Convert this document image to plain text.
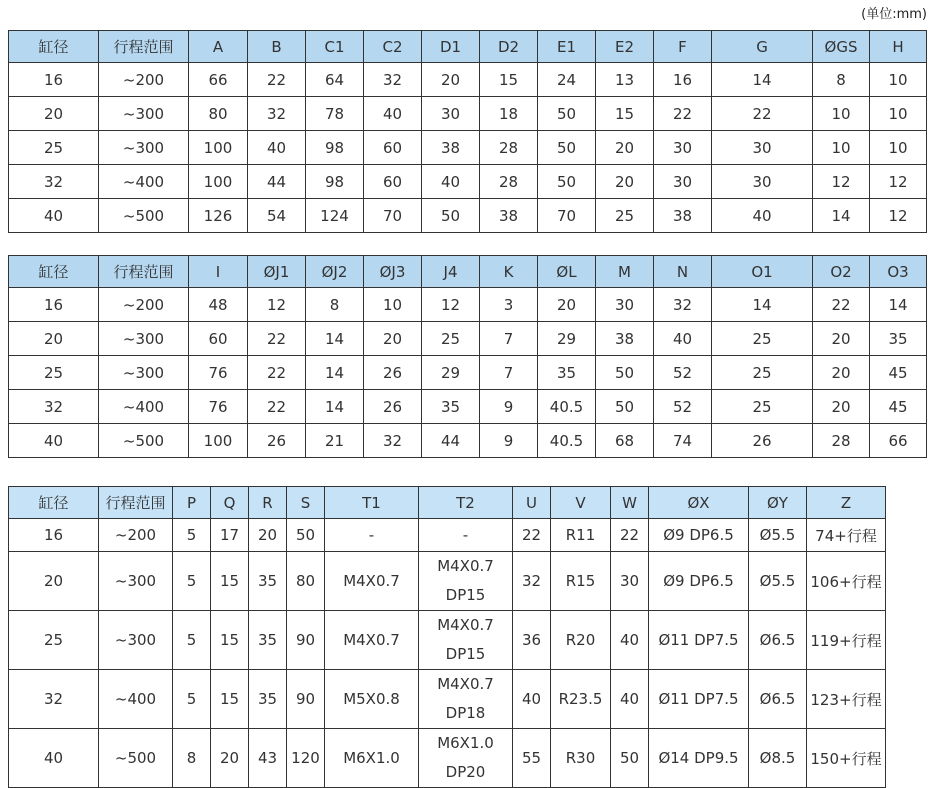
(单位:mm)
缸径	行程范围	A	B	C1	C2	D1	D2	E1	E2	F	G	ØGS	H
16	~200	66	22	64	32	20	15	24	13	16	14	8	10
20	~300	80	32	78	40	30	18	50	15	22	22	10	10
25	~300	100	40	98	60	38	28	50	20	30	30	10	10
32	~400	100	44	98	60	40	28	50	20	30	30	12	12
40	~500	126	54	124	70	50	38	70	25	38	40	14	12
缸径	行程范围	I	ØJ1	ØJ2	ØJ3	J4	K	ØL	M	N	O1	O2	O3
16	~200	48	12	8	10	12	3	20	30	32	14	22	14
20	~300	60	22	14	20	25	7	29	38	40	25	20	35
25	~300	76	22	14	26	29	7	35	50	52	25	20	45
32	~400	76	22	14	26	35	9	40.5	50	52	25	20	45
40	~500	100	26	21	32	44	9	40.5	68	74	26	28	66
缸径	行程范围	P	Q	R	S	T1	T2	U	V	W	ØX	ØY	Z
16	~200	5	17	20	50	-	-	22	R11	22	Ø9 DP6.5	Ø5.5	74+行程
20	~300	5	15	35	80	M4X0.7	M4X0.7 DP15	32	R15	30	Ø9 DP6.5	Ø5.5	106+行程
25	~300	5	15	35	90	M4X0.7	M4X0.7 DP15	36	R20	40	Ø11 DP7.5	Ø6.5	119+行程
32	~400	5	15	35	90	M5X0.8	M4X0.7 DP18	40	R23.5	40	Ø11 DP7.5	Ø6.5	123+行程
40	~500	8	20	43	120	M6X1.0	M6X1.0 DP20	55	R30	50	Ø14 DP9.5	Ø8.5	150+行程
